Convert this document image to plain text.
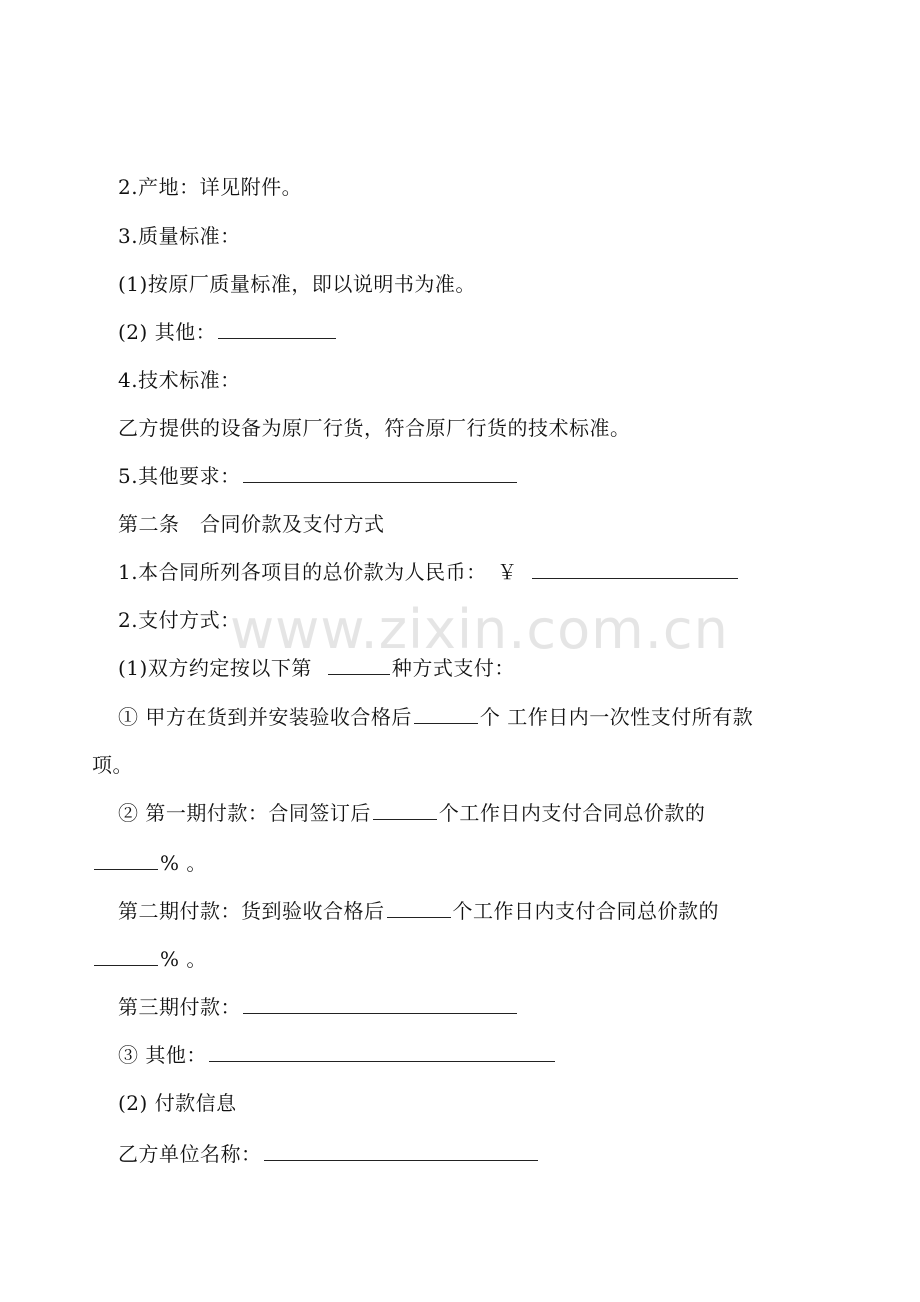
www.zixin.com.cn
2.产地：详见附件。
3.质量标准：
(1)按原厂质量标准，即以说明书为准。
(2) 其他：
4.技术标准：
乙方提供的设备为原厂行货，符合原厂行货的技术标准。
5.其他要求：
第二条　合同价款及支付方式
1.本合同所列各项目的总价款为人民币：　￥
2.支付方式：
(1)双方约定按以下第	种方式支付：
① 甲方在货到并安装验收合格后	个 工作日内一次性支付所有款
项。
② 第一期付款：合同签订后	个工作日内支付合同总价款的
% 。
第二期付款：货到验收合格后	个工作日内支付合同总价款的
% 。
第三期付款：
③ 其他：
(2) 付款信息
乙方单位名称：
